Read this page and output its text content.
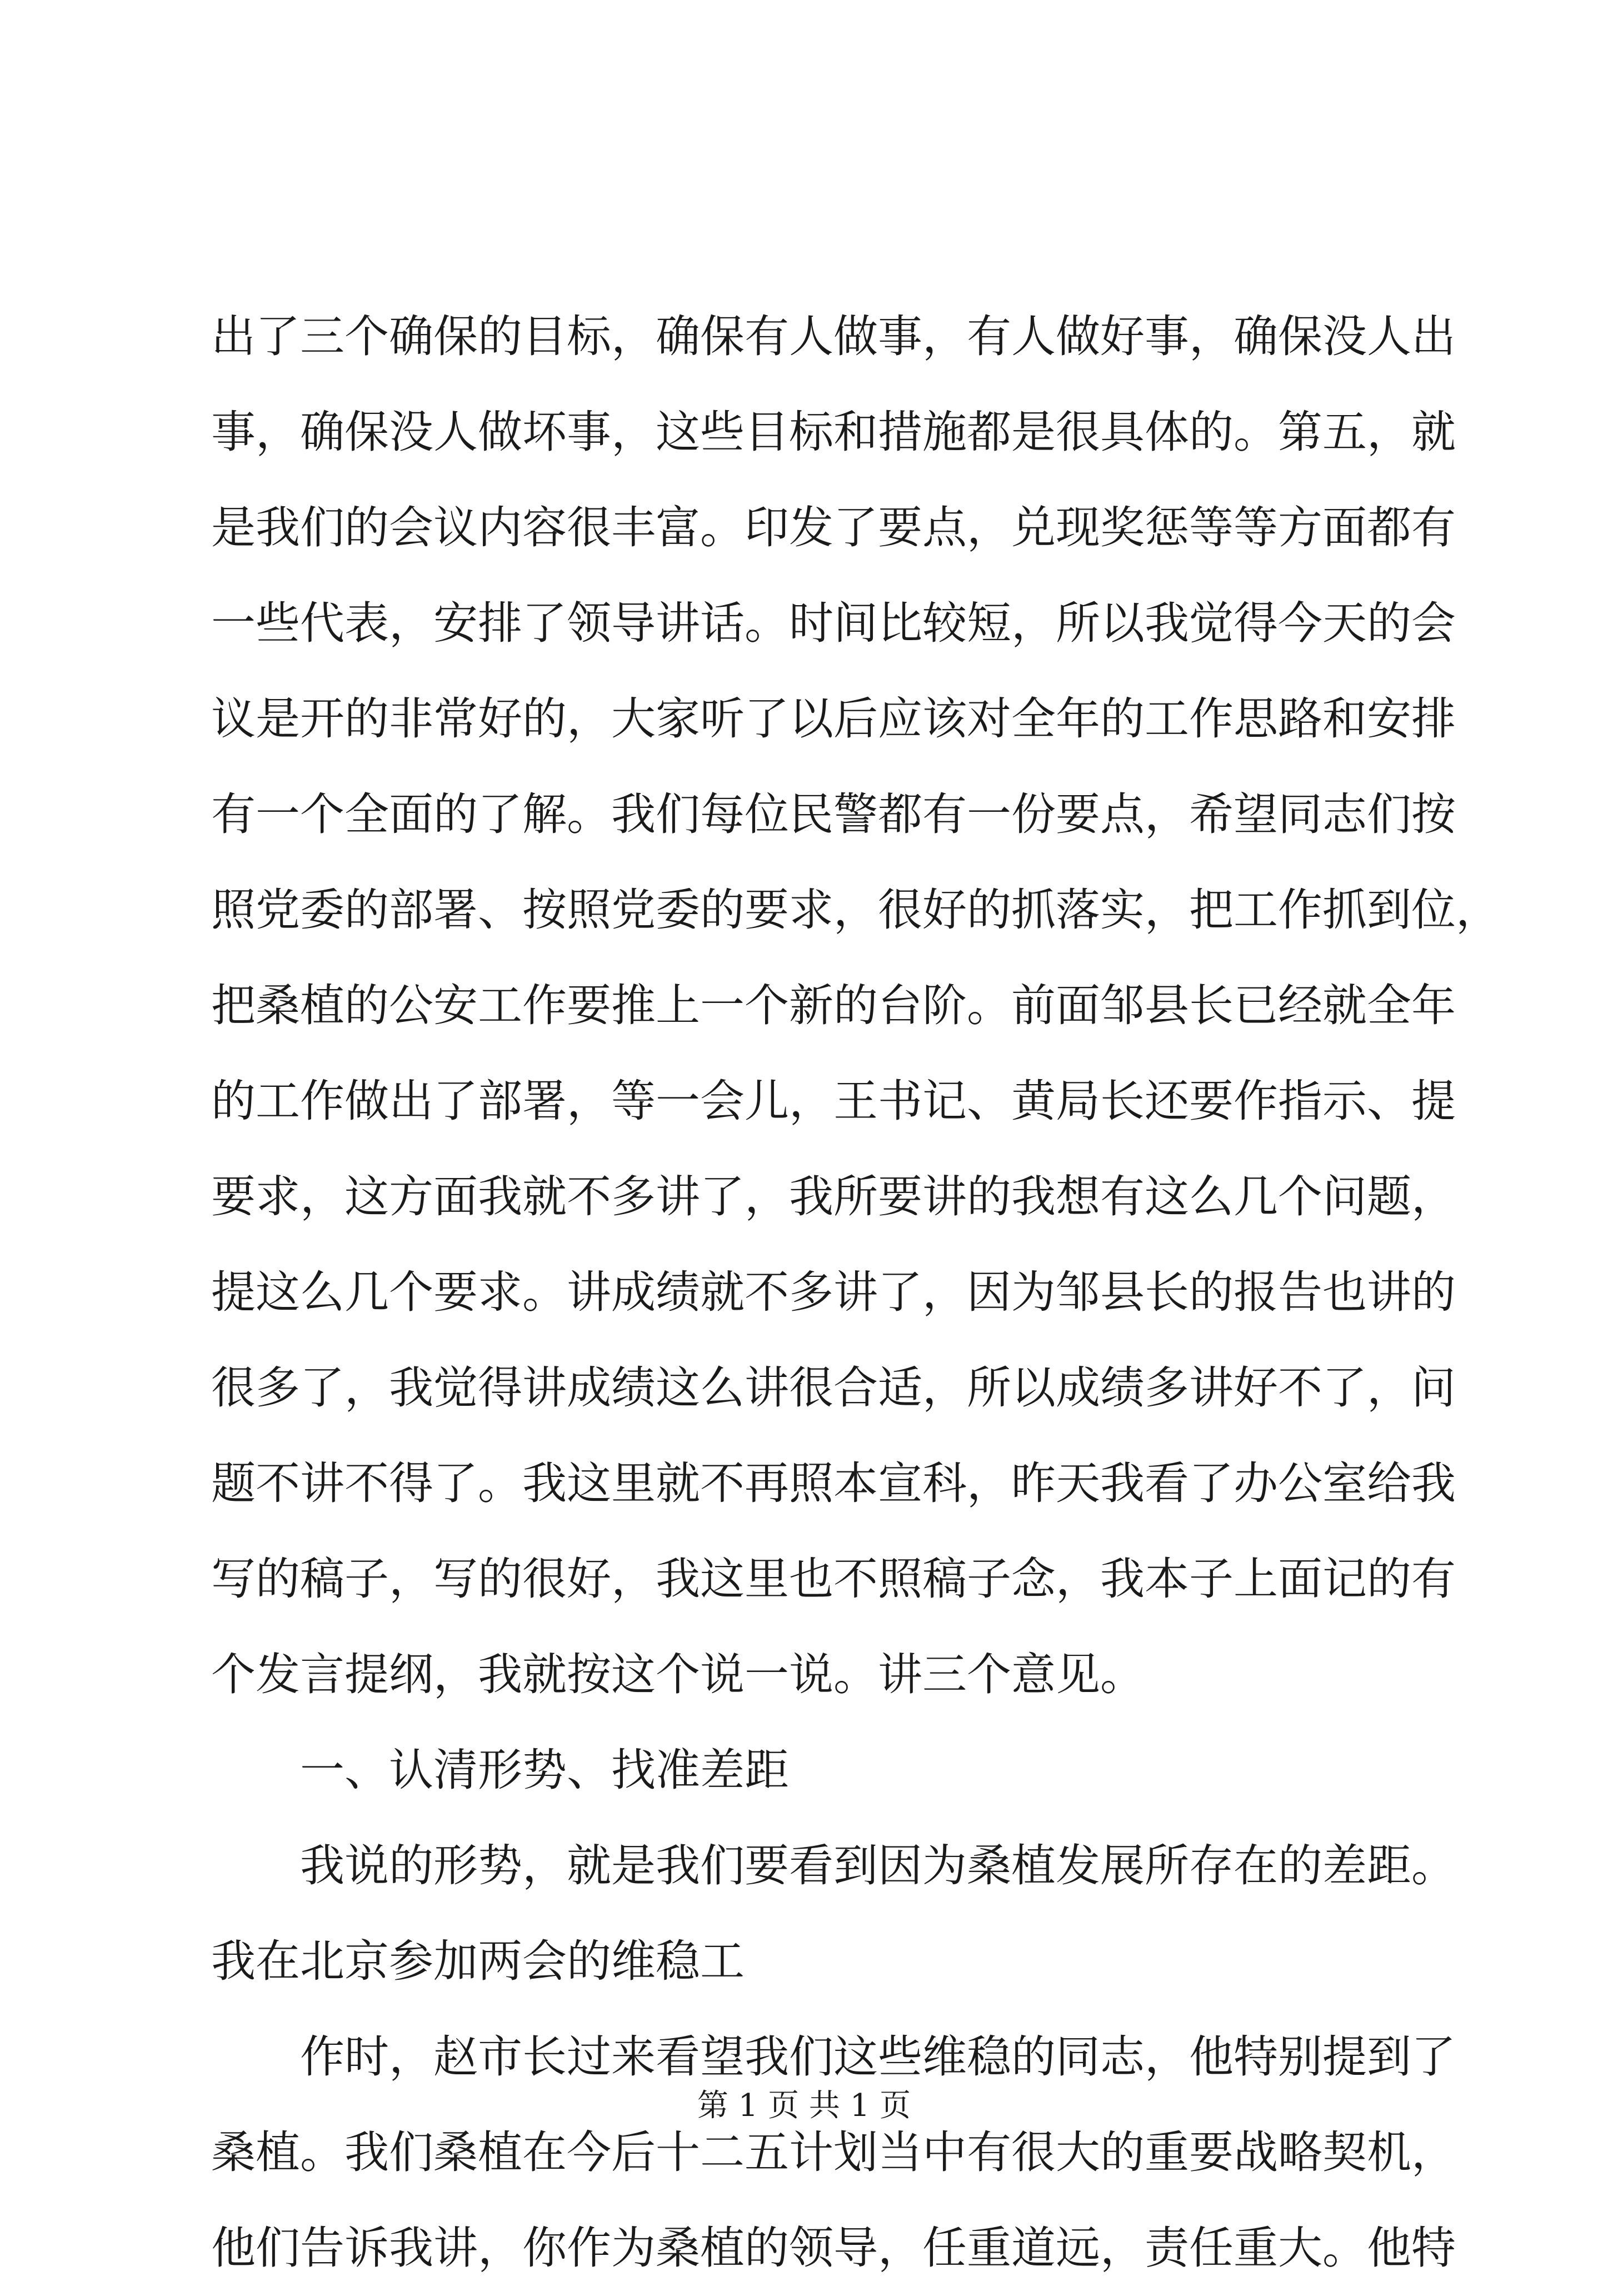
出了三个确保的目标，确保有人做事，有人做好事，确保没人出
事，确保没人做坏事，这些目标和措施都是很具体的。第五，就
是我们的会议内容很丰富。印发了要点，兑现奖惩等等方面都有
一些代表，安排了领导讲话。时间比较短，所以我觉得今天的会
议是开的非常好的，大家听了以后应该对全年的工作思路和安排
有一个全面的了解。我们每位民警都有一份要点，希望同志们按
照党委的部署、按照党委的要求，很好的抓落实，把工作抓到位，
把桑植的公安工作要推上一个新的台阶。前面邹县长已经就全年
的工作做出了部署，等一会儿，王书记、黄局长还要作指示、提
要求，这方面我就不多讲了，我所要讲的我想有这么几个问题，
提这么几个要求。讲成绩就不多讲了，因为邹县长的报告也讲的
很多了，我觉得讲成绩这么讲很合适，所以成绩多讲好不了，问
题不讲不得了。我这里就不再照本宣科，昨天我看了办公室给我
写的稿子，写的很好，我这里也不照稿子念，我本子上面记的有
个发言提纲，我就按这个说一说。讲三个意见。
一、认清形势、找准差距
我说的形势，就是我们要看到因为桑植发展所存在的差距。
我在北京参加两会的维稳工
作时，赵市长过来看望我们这些维稳的同志，他特别提到了
桑植。我们桑植在今后十二五计划当中有很大的重要战略契机，
他们告诉我讲，你作为桑植的领导，任重道远，责任重大。他特
第 1 页 共 1 页
